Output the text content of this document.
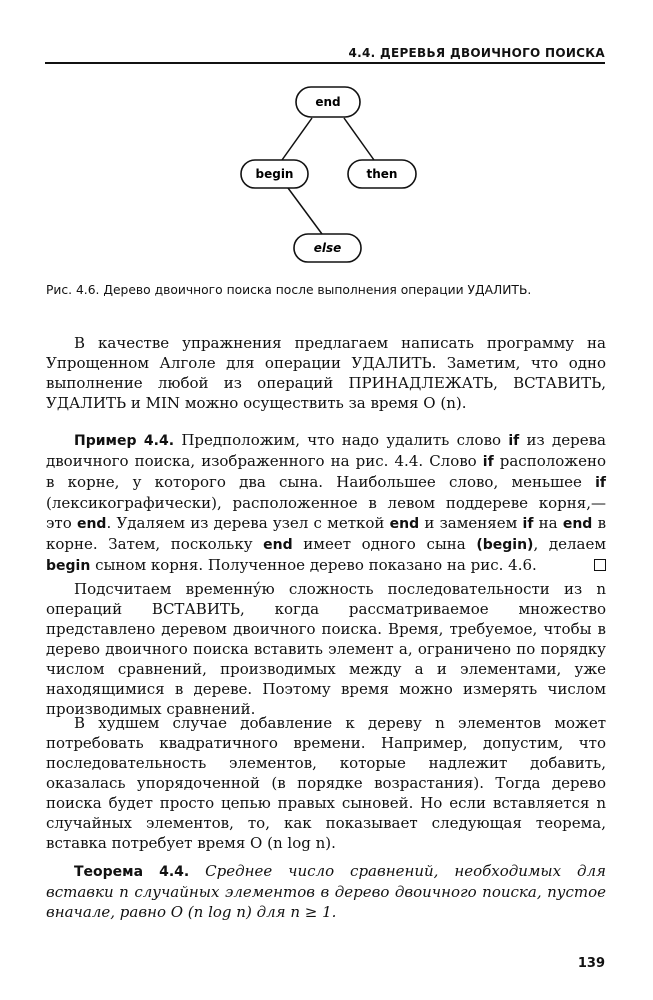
4.4. ДЕРЕВЬЯ ДВОИЧНОГО ПОИСКА
end
begin	then
else
Рис. 4.6. Дерево двоичного поиска после выполнения операции УДАЛИТЬ.

В качестве упражнения предлагаем написать программу на Упрощенном Алголе для операции УДАЛИТЬ. Заметим, что одно выполнение любой из операций ПРИНАДЛЕЖАТЬ, ВСТАВИТЬ, УДАЛИТЬ и MIN можно осуществить за время O (n).

Пример 4.4. Предположим, что надо удалить слово if из дерева двоичного поиска, изображенного на рис. 4.4. Слово if расположено в корне, у которого два сына. Наибольшее слово, меньшее if (лексикографически), расположенное в левом поддереве корня,— это end. Удаляем из дерева узел с меткой end и заменяем if на end в корне. Затем, поскольку end имеет одного сына (begin), делаем begin сыном корня. Полученное дерево показано на рис. 4.6.

Подсчитаем временнýю сложность последовательности из n операций ВСТАВИТЬ, когда рассматриваемое множество представлено деревом двоичного поиска. Время, требуемое, чтобы в дерево двоичного поиска вставить элемент a, ограничено по порядку числом сравнений, производимых между a и элементами, уже находящимися в дереве. Поэтому время можно измерять числом производимых сравнений.

В худшем случае добавление к дереву n элементов может потребовать квадратичного времени. Например, допустим, что последовательность элементов, которые надлежит добавить, оказалась упорядоченной (в порядке возрастания). Тогда дерево поиска будет просто цепью правых сыновей. Но если вставляется n случайных элементов, то, как показывает следующая теорема, вставка потребует время O (n log n).

Теорема 4.4. Среднее число сравнений, необходимых для вставки n случайных элементов в дерево двоичного поиска, пустое вначале, равно O (n log n) для n ≥ 1.

139
